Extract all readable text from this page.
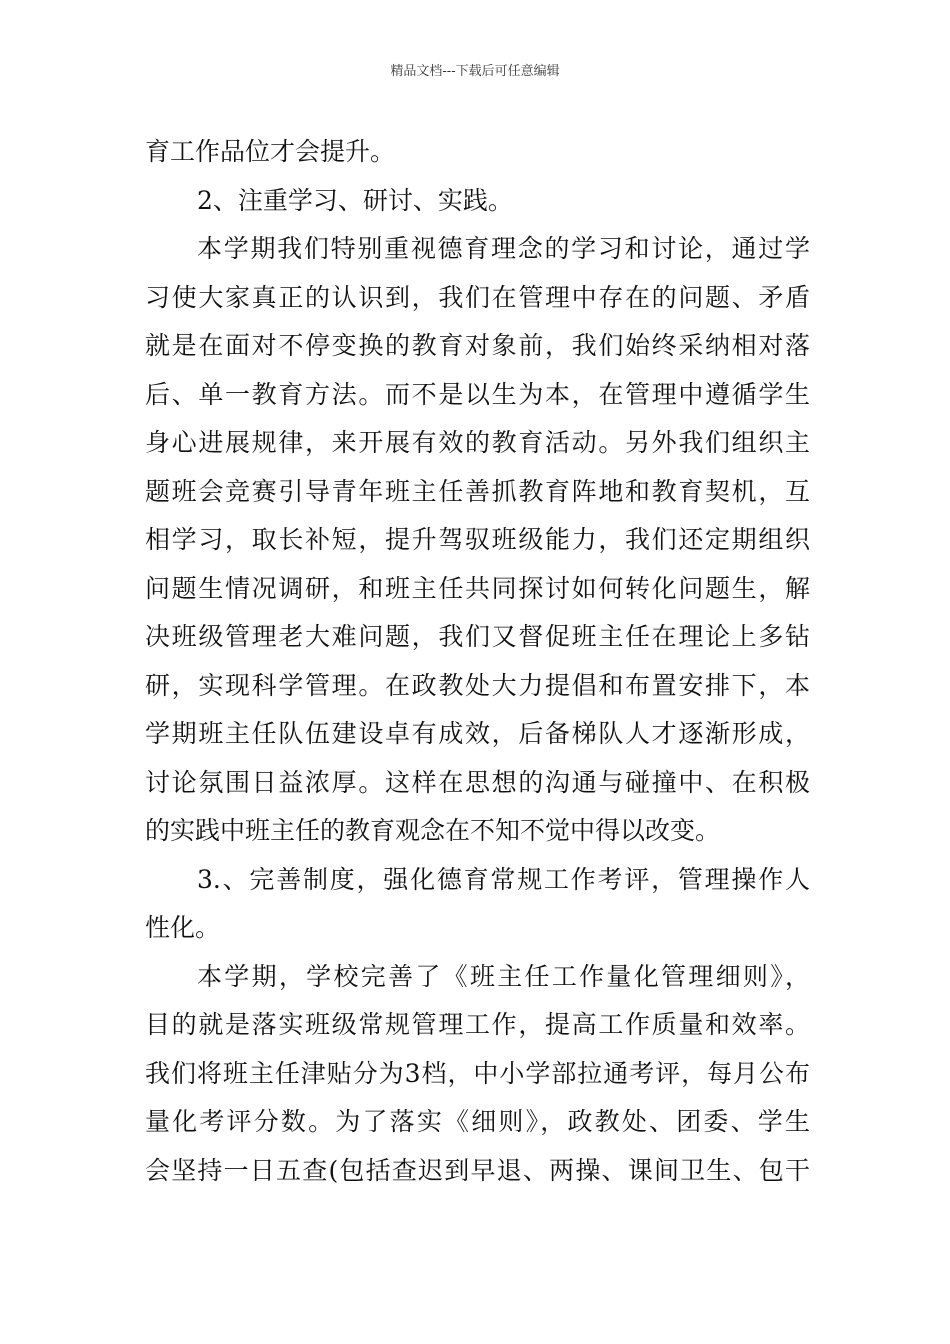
精品文档---下载后可任意编辑
育工作品位才会提升。
2、注重学习、研讨、实践。
本学期我们特别重视德育理念的学习和讨论，通过学
习使大家真正的认识到，我们在管理中存在的问题、矛盾
就是在面对不停变换的教育对象前，我们始终采纳相对落
后、单一教育方法。而不是以生为本，在管理中遵循学生
身心进展规律，来开展有效的教育活动。另外我们组织主
题班会竞赛引导青年班主任善抓教育阵地和教育契机，互
相学习，取长补短，提升驾驭班级能力，我们还定期组织
问题生情况调研，和班主任共同探讨如何转化问题生，解
决班级管理老大难问题，我们又督促班主任在理论上多钻
研，实现科学管理。在政教处大力提倡和布置安排下，本
学期班主任队伍建设卓有成效，后备梯队人才逐渐形成，
讨论氛围日益浓厚。这样在思想的沟通与碰撞中、在积极
的实践中班主任的教育观念在不知不觉中得以改变。
3.、完善制度，强化德育常规工作考评，管理操作人
性化。
本学期，学校完善了《班主任工作量化管理细则》，
目的就是落实班级常规管理工作，提高工作质量和效率。
我们将班主任津贴分为3档，中小学部拉通考评，每月公布
量化考评分数。为了落实《细则》，政教处、团委、学生
会坚持一日五查(包括查迟到早退、两操、课间卫生、包干
